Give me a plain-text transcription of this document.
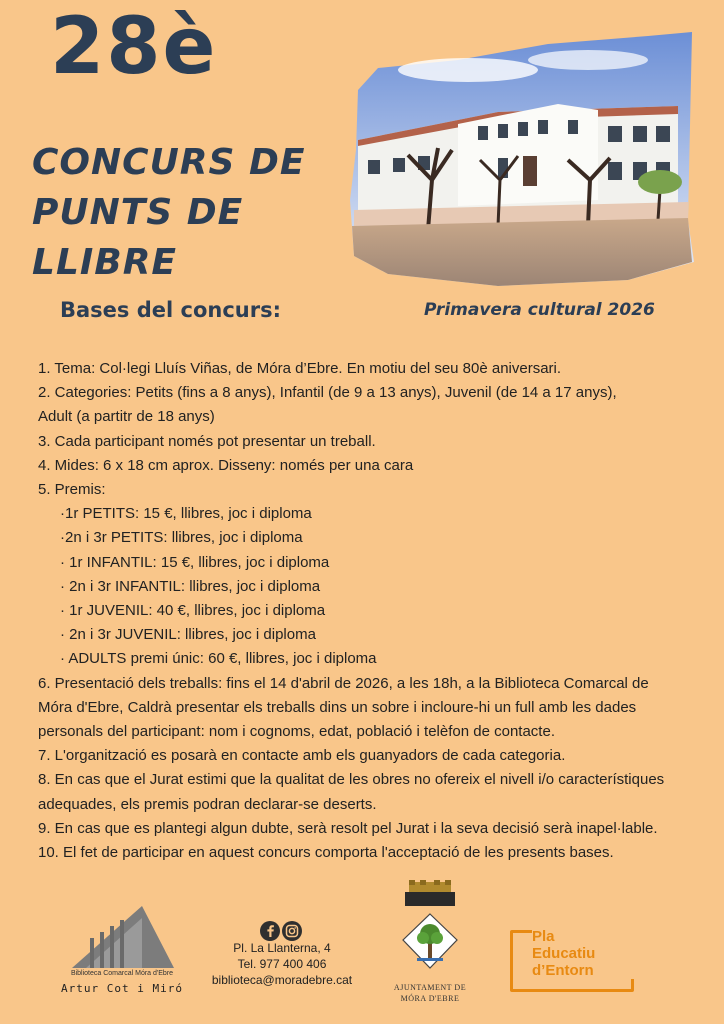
28è
CONCURS DE
PUNTS DE LLIBRE
Bases del concurs:	Primavera cultural 2026
1. Tema: Col·legi Lluís Viñas, de Móra d’Ebre. En motiu del seu 80è aniversari.
2. Categories: Petits (fins a 8 anys), Infantil (de 9 a 13 anys), Juvenil (de 14 a 17 anys),
Adult (a partitr de 18 anys)
3. Cada participant només pot presentar un treball.
4. Mides: 6 x 18 cm aprox. Disseny: només per una cara
5. Premis:
·1r PETITS: 15 €, llibres, joc i diploma
·2n i 3r PETITS: llibres, joc i diploma
· 1r INFANTIL: 15 €, llibres, joc i diploma
· 2n i 3r INFANTIL: llibres, joc i diploma
· 1r JUVENIL: 40 €, llibres, joc i diploma
· 2n i 3r JUVENIL: llibres, joc i diploma
· ADULTS premi únic: 60 €, llibres, joc i diploma
6. Presentació dels treballs: fins el 14 d'abril de 2026, a les 18h, a la Biblioteca Comarcal de
Móra d'Ebre, Caldrà presentar els treballs dins un sobre i incloure-hi un full amb les dades
personals del participant: nom i cognoms, edat, població i telèfon de contacte.
7. L'organització es posarà en contacte amb els guanyadors de cada categoria.
8. En cas que el Jurat estimi que la qualitat de les obres no ofereix el nivell i/o característiques
adequades, els premis podran declarar-se deserts.
9. En cas que es plantegi algun dubte, serà resolt pel Jurat i la seva decisió serà inapel·lable.
10. El fet de participar en aquest concurs comporta l'acceptació de les presents bases.
Biblioteca Comarcal Móra d'Ebre
Artur Cot i Miró
Pl. La Llanterna, 4
Tel. 977 400 406
biblioteca@moradebre.cat
AJUNTAMENT DE
MÓRA D'EBRE
Pla
Educatiu
d’Entorn
